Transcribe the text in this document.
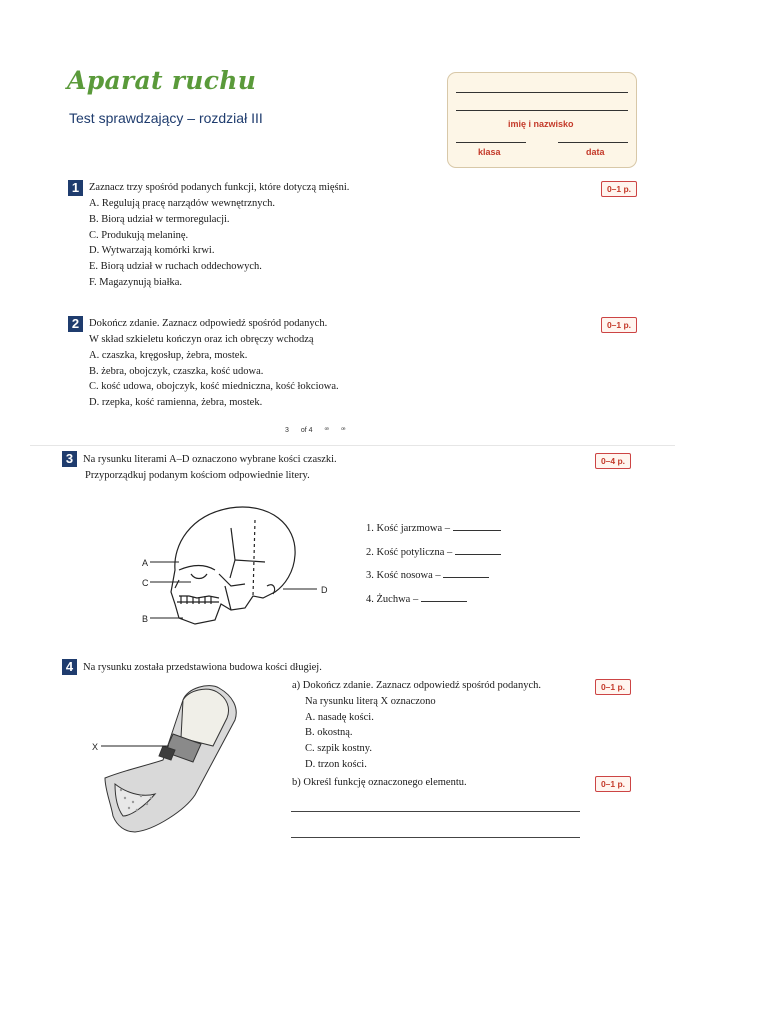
Aparat ruchu
Test sprawdzający – rozdział III	imię i nazwisko
klasa	data
1 Zaznacz trzy spośród podanych funkcji, które dotyczą mięśni.	0–1 p.
A. Regulują pracę narządów wewnętrznych.
B. Biorą udział w termoregulacji.
C. Produkują melaninę.
D. Wytwarzają komórki krwi.
E. Biorą udział w ruchach oddechowych.
F. Magazynują białka.
2 Dokończ zdanie. Zaznacz odpowiedź spośród podanych.	0–1 p.
W skład szkieletu kończyn oraz ich obręczy wchodzą
A. czaszka, kręgosłup, żebra, mostek.
B. żebra, obojczyk, czaszka, kość udowa.
C. kość udowa, obojczyk, kość miedniczna, kość łokciowa.
D. rzepka, kość ramienna, żebra, mostek.
3 of 4 ꟹ ꟹ
3 Na rysunku literami A–D oznaczono wybrane kości czaszki.
Przyporządkuj podanym kościom odpowiednie litery.
0–4 p.
A
C
B
D
1. Kość jarzmowa –
2. Kość potyliczna –
3. Kość nosowa –
4. Żuchwa –
4 Na rysunku została przedstawiona budowa kości długiej.
X
a) Dokończ zdanie. Zaznacz odpowiedź spośród podanych.
Na rysunku literą X oznaczono
A. nasadę kości.
B. okostną.
C. szpik kostny.
D. trzon kości.
0–1 p.
b) Określ funkcję oznaczonego elementu.	0–1 p.
